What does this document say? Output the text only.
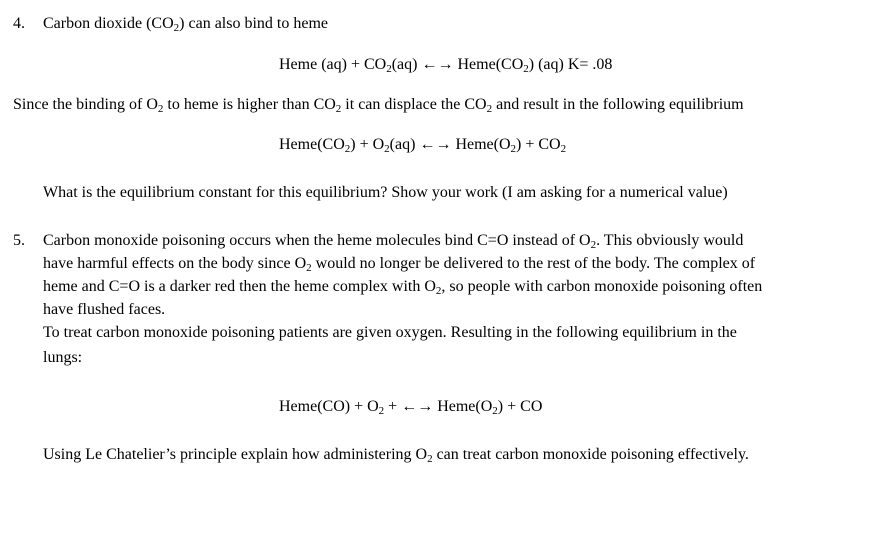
4. Carbon dioxide $(CO_2)$ can also bind to heme
Heme $(aq) + CO_2(aq)$ ←→ $Heme(CO_2)$ (aq) K= .08
Since the binding of $O_2$ to heme is higher than $CO_2$ it can displace the $CO_2$ and result in the following equilibrium
$Heme(CO_2) + O_2(aq)$ ←→ $Heme(O_2) + CO_2$
What is the equilibrium constant for this equilibrium? Show your work (I am asking for a numerical value)
5. Carbon monoxide poisoning occurs when the heme molecules bind C=O instead of $O_2$. This obviously would
have harmful effects on the body since $O_2$ would no longer be delivered to the rest of the body. The complex of
heme and C=O is a darker red then the heme complex with $O_2$, so people with carbon monoxide poisoning often
have flushed faces.
To treat carbon monoxide poisoning patients are given oxygen. Resulting in the following equilibrium in the
lungs:
Heme(CO) + $O_2$ + ←→ $Heme(O_2)$ + CO
Using Le Chatelier’s principle explain how administering $O_2$ can treat carbon monoxide poisoning effectively.
